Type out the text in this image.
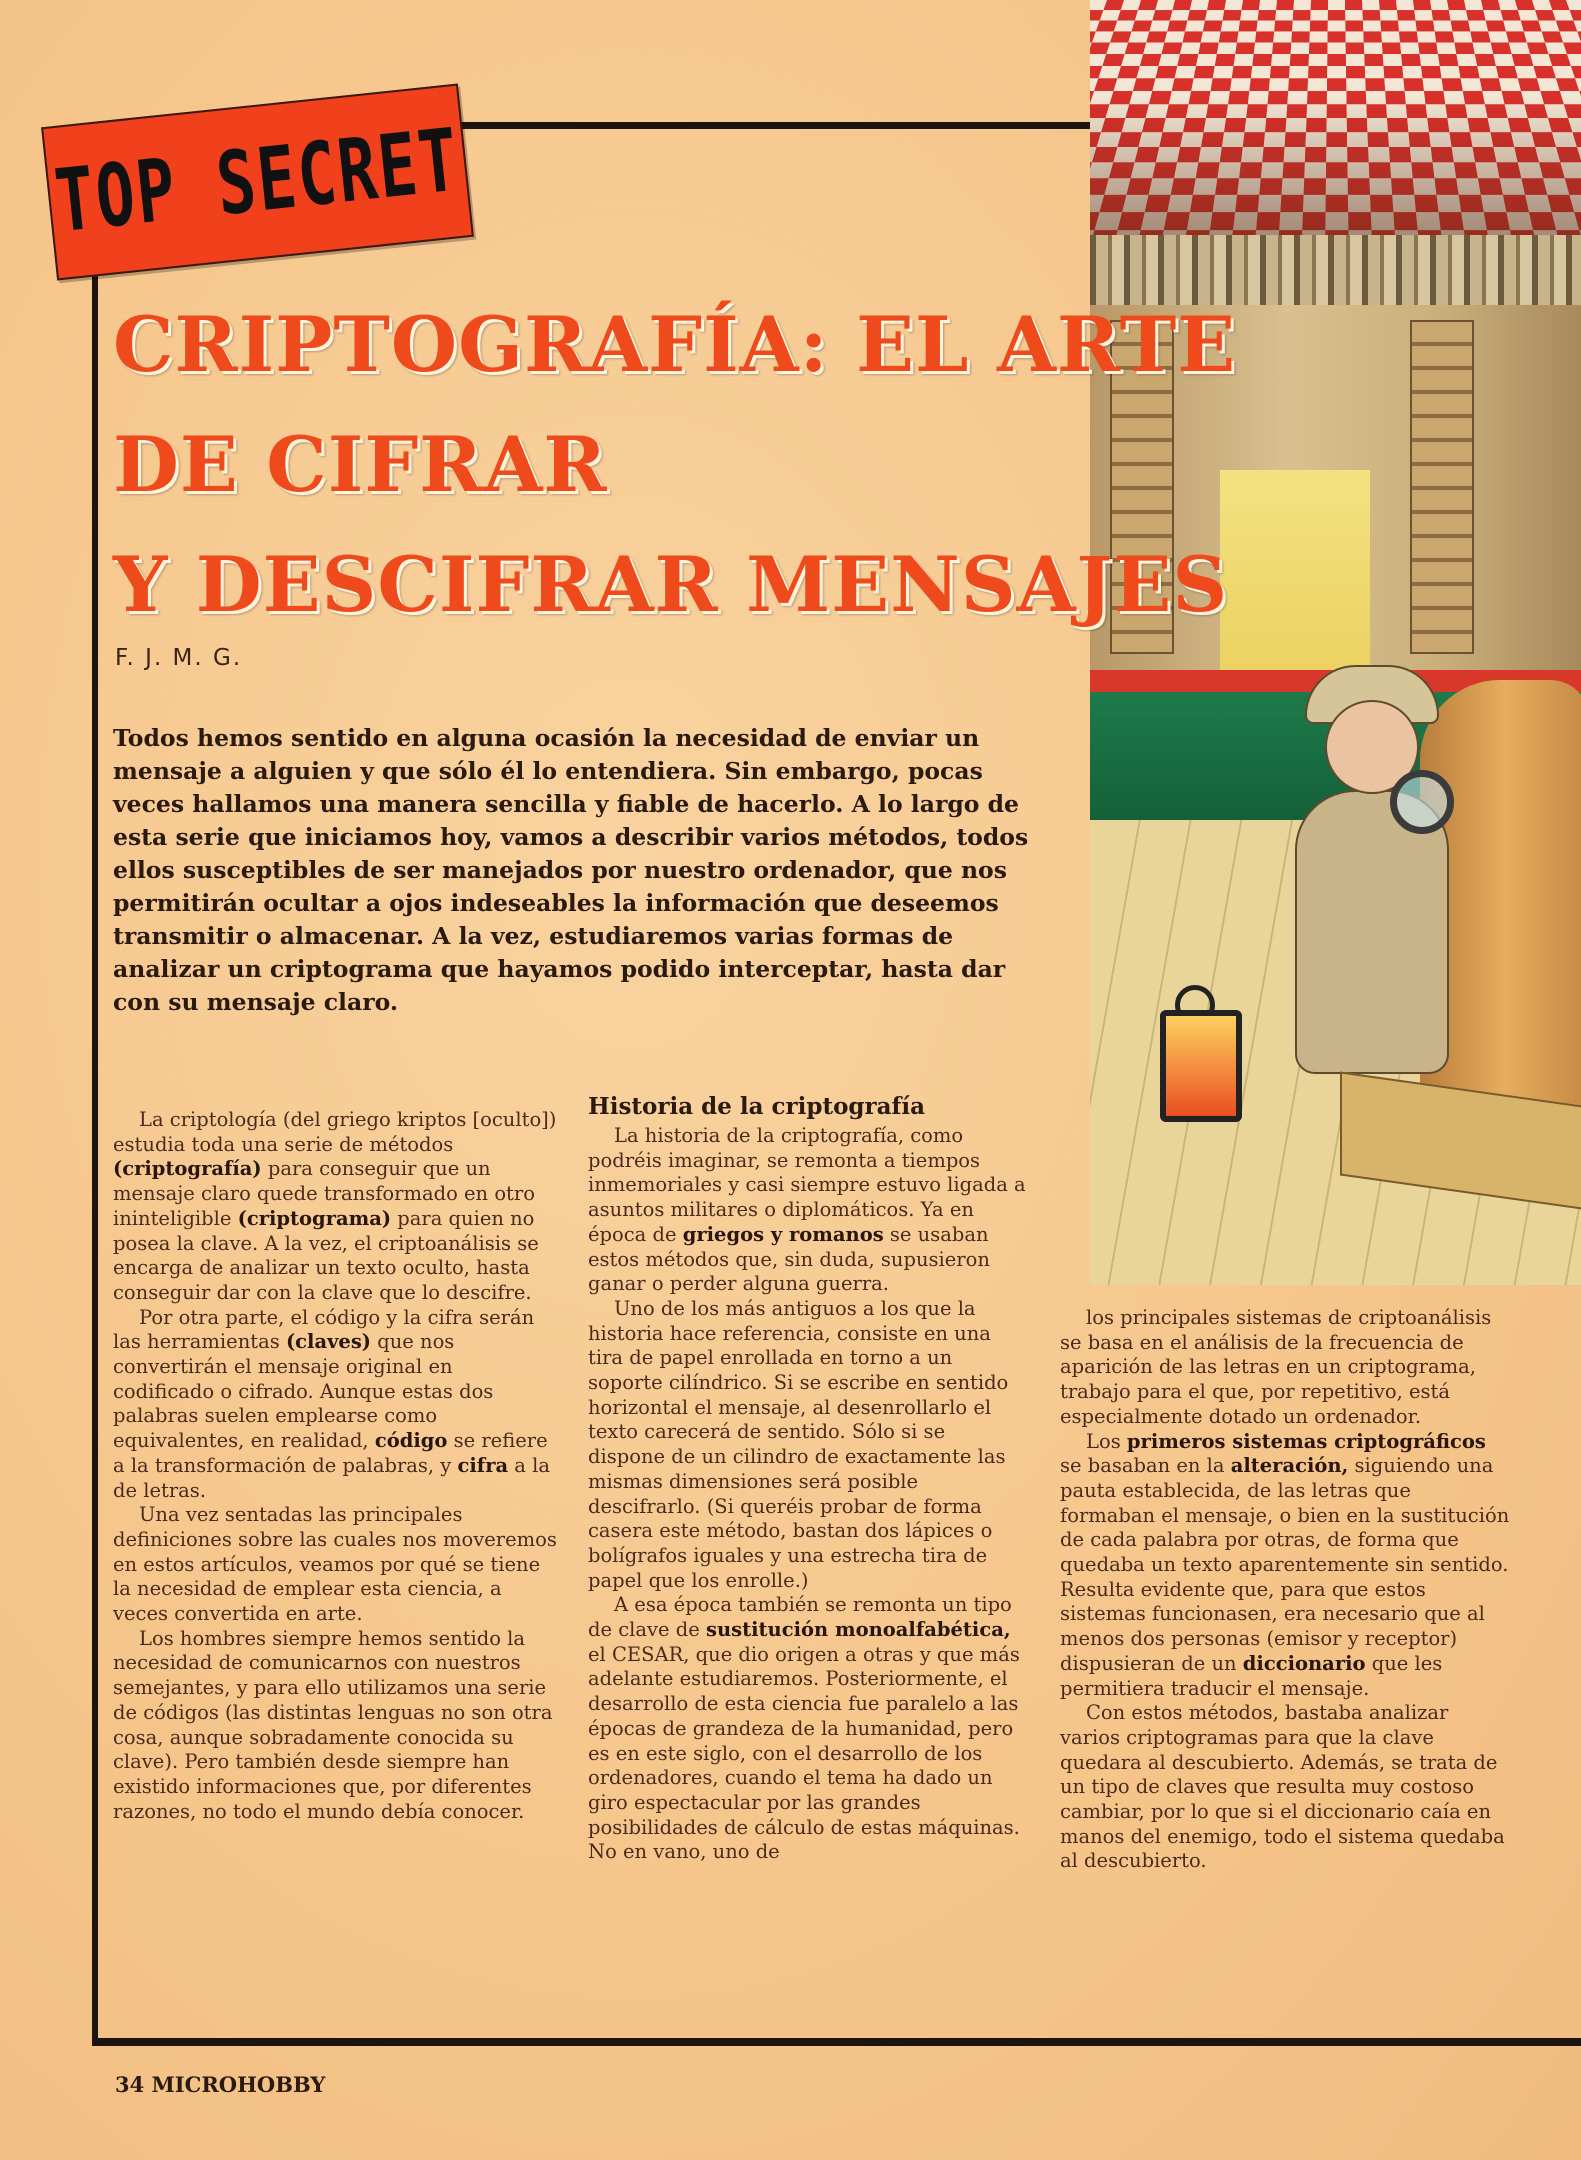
TOP SECRET
CRIPTOGRAFÍA: EL ARTE
DE CIFRAR
Y DESCIFRAR MENSAJES
F. J. M. G.

Todos hemos sentido en alguna ocasión la necesidad de enviar un mensaje a alguien y que sólo él lo entendiera. Sin embargo, pocas veces hallamos una manera sencilla y fiable de hacerlo. A lo largo de esta serie que iniciamos hoy, vamos a describir varios métodos, todos ellos susceptibles de ser manejados por nuestro ordenador, que nos permitirán ocultar a ojos indeseables la información que deseemos transmitir o almacenar. A la vez, estudiaremos varias formas de analizar un criptograma que hayamos podido interceptar, hasta dar con su mensaje claro.

La criptología (del griego kriptos [oculto]) estudia toda una serie de métodos (criptografía) para conseguir que un mensaje claro quede transformado en otro ininteligible (criptograma) para quien no posea la clave. A la vez, el criptoanálisis se encarga de analizar un texto oculto, hasta conseguir dar con la clave que lo descifre.

Por otra parte, el código y la cifra serán las herramientas (claves) que nos convertirán el mensaje original en codificado o cifrado. Aunque estas dos palabras suelen emplearse como equivalentes, en realidad, código se refiere a la transformación de palabras, y cifra a la de letras.

Una vez sentadas las principales definiciones sobre las cuales nos moveremos en estos artículos, veamos por qué se tiene la necesidad de emplear esta ciencia, a veces convertida en arte.

Los hombres siempre hemos sentido la necesidad de comunicarnos con nuestros semejantes, y para ello utilizamos una serie de códigos (las distintas lenguas no son otra cosa, aunque sobradamente conocida su clave). Pero también desde siempre han existido informaciones que, por diferentes razones, no todo el mundo debía conocer.

Historia de la criptografía

La historia de la criptografía, como podréis imaginar, se remonta a tiempos inmemoriales y casi siempre estuvo ligada a asuntos militares o diplomáticos. Ya en época de griegos y romanos se usaban estos métodos que, sin duda, supusieron ganar o perder alguna guerra.

Uno de los más antiguos a los que la historia hace referencia, consiste en una tira de papel enrollada en torno a un soporte cilíndrico. Si se escribe en sentido horizontal el mensaje, al desenrollarlo el texto carecerá de sentido. Sólo si se dispone de un cilindro de exactamente las mismas dimensiones será posible descifrarlo. (Si queréis probar de forma casera este método, bastan dos lápices o bolígrafos iguales y una estrecha tira de papel que los enrolle.)

A esa época también se remonta un tipo de clave de sustitución monoalfabética, el CESAR, que dio origen a otras y que más adelante estudiaremos. Posteriormente, el desarrollo de esta ciencia fue paralelo a las épocas de grandeza de la humanidad, pero es en este siglo, con el desarrollo de los ordenadores, cuando el tema ha dado un giro espectacular por las grandes posibilidades de cálculo de estas máquinas. No en vano, uno de

los principales sistemas de criptoanálisis se basa en el análisis de la frecuencia de aparición de las letras en un criptograma, trabajo para el que, por repetitivo, está especialmente dotado un ordenador.

Los primeros sistemas criptográficos se basaban en la alteración, siguiendo una pauta establecida, de las letras que formaban el mensaje, o bien en la sustitución de cada palabra por otras, de forma que quedaba un texto aparentemente sin sentido. Resulta evidente que, para que estos sistemas funcionasen, era necesario que al menos dos personas (emisor y receptor) dispusieran de un diccionario que les permitiera traducir el mensaje.

Con estos métodos, bastaba analizar varios criptogramas para que la clave quedara al descubierto. Además, se trata de un tipo de claves que resulta muy costoso cambiar, por lo que si el diccionario caía en manos del enemigo, todo el sistema quedaba al descubierto.

34 MICROHOBBY
